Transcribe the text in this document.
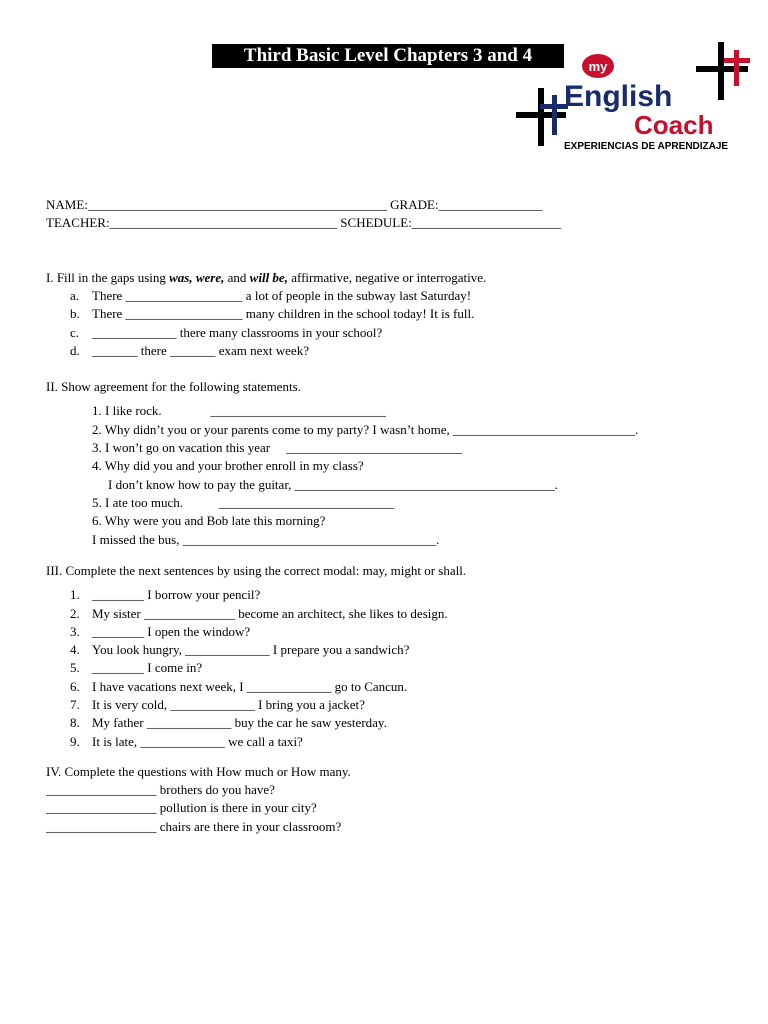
Third Basic Level Chapters 3 and 4
my
English
Coach
EXPERIENCIAS DE APRENDIZAJE
NAME:______________________________________________ GRADE:________________
TEACHER:___________________________________ SCHEDULE:_______________________
I. Fill in the gaps using was, were, and will be, affirmative, negative or interrogative.
a. There __________________ a lot of people in the subway last Saturday!
b. There __________________ many children in the school today! It is full.
c. _____________ there many classrooms in your school?
d. _______ there _______ exam next week?
II. Show agreement for the following statements.
1. I like rock.               ___________________________
2. Why didn’t you or your parents come to my party? I wasn’t home, ____________________________.
3. I won’t go on vacation this year     ___________________________
4. Why did you and your brother enroll in my class?
I don’t know how to pay the guitar, ________________________________________.
5. I ate too much.           ___________________________
6. Why were you and Bob late this morning?
I missed the bus, _______________________________________.
III. Complete the next sentences by using the correct modal: may, might or shall.
1. ________ I borrow your pencil?
2. My sister ______________ become an architect, she likes to design.
3. ________ I open the window?
4. You look hungry, _____________ I prepare you a sandwich?
5. ________ I come in?
6. I have vacations next week, I _____________ go to Cancun.
7. It is very cold, _____________ I bring you a jacket?
8. My father _____________ buy the car he saw yesterday.
9. It is late, _____________ we call a taxi?
IV. Complete the questions with How much or How many.
_________________ brothers do you have?
_________________ pollution is there in your city?
_________________ chairs are there in your classroom?
